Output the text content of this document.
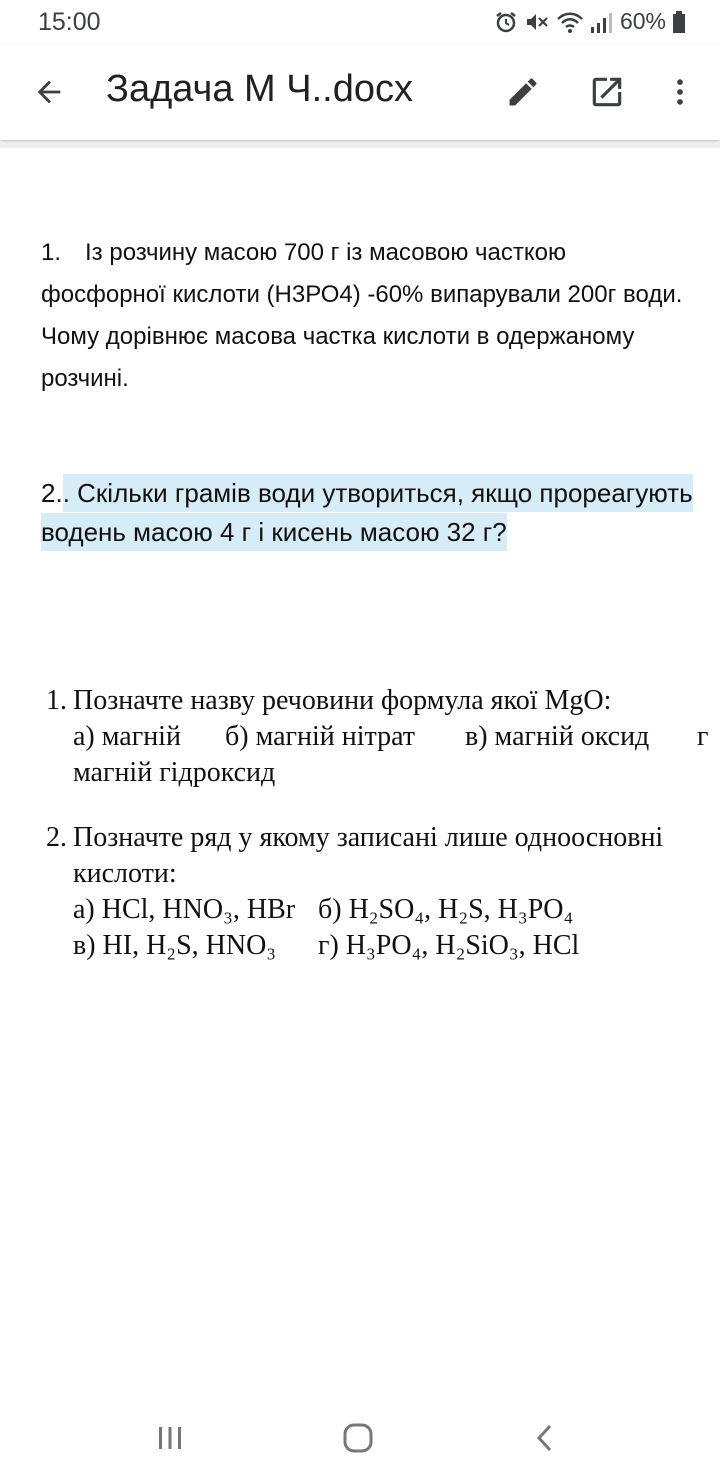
15:00	60%
Задача М Ч..docx
1. Із розчину масою 700 г із масовою часткою фосфорної кислоти (Н3РО4) -60% випарували 200г води. Чому дорівнює масова частка кислоти в одержаному розчині.
2.. Скільки грамів води утвориться, якщо прореагують водень масою 4 г і кисень масою 32 г?
1. Позначте назву речовини формула якої MgO:
а) магній б) магній нітрат в) магній оксид г
магній гідроксид
2. Позначте ряд у якому записані лише одноосновні
кислоти:
а) HCl, HNO₃, HBr б) H₂SO₄, H₂S, H₃PO₄
в) HI, H₂S, HNO₃ г) H₃PO₄, H₂SiO₃, HCl
